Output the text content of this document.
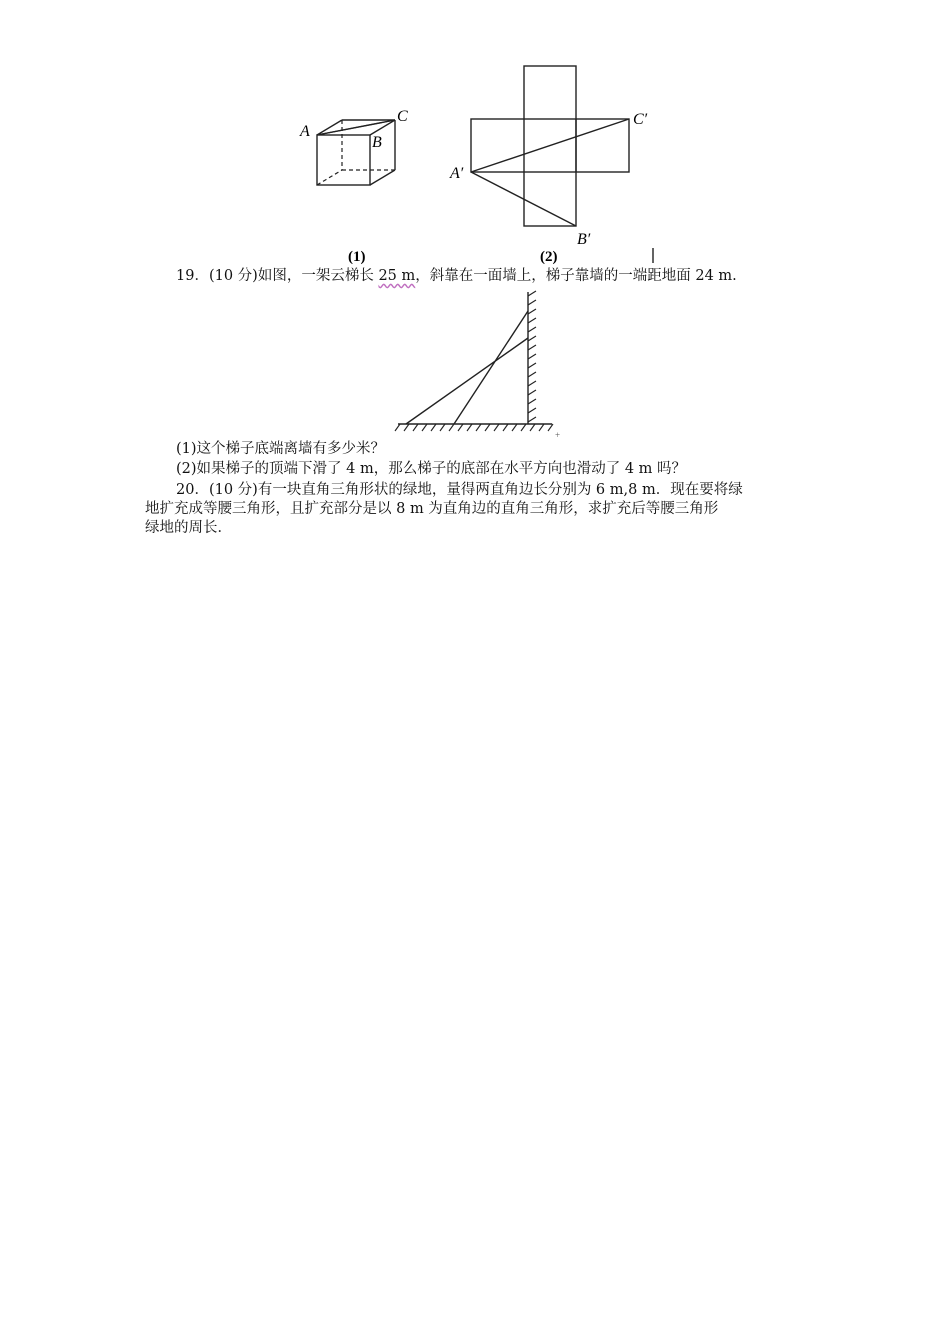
A
B
C
(1)
A′
B′
C′
(2)
19．(10 分)如图，一架云梯长 25 m，斜靠在一面墙上，梯子靠墙的一端距地面 24 m.
+
(1)这个梯子底端离墙有多少米？
(2)如果梯子的顶端下滑了 4 m，那么梯子的底部在水平方向也滑动了 4 m 吗？
20．(10 分)有一块直角三角形状的绿地，量得两直角边长分别为 6 m,8 m．现在要将绿
地扩充成等腰三角形，且扩充部分是以 8 m 为直角边的直角三角形，求扩充后等腰三角形
绿地的周长．
